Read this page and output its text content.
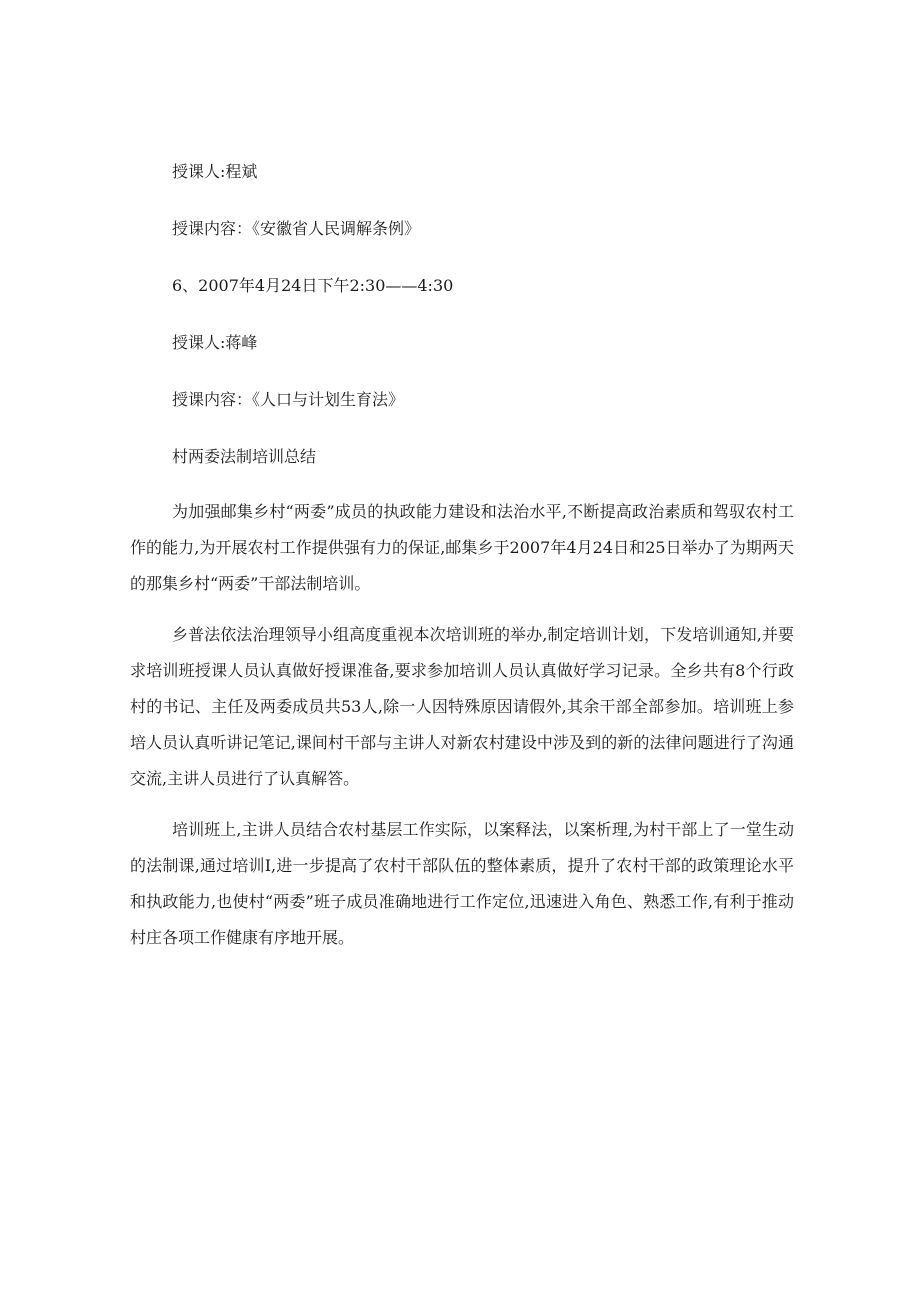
授课人:程斌
授课内容：《安徽省人民调解条例》
6、2007年4月24日下午2:30——4:30
授课人:蒋峰
授课内容：《人口与计划生育法》
村两委法制培训总结
为加强邮集乡村“两委”成员的执政能力建设和法治水平,不断提高政治素质和驾驭农村工作的能力,为开展农村工作提供强有力的保证,邮集乡于2007年4月24日和25日举办了为期两天的那集乡村“两委”干部法制培训。
乡普法依法治理领导小组高度重视本次培训班的举办,制定培训计划，下发培训通知,并要求培训班授课人员认真做好授课准备,要求参加培训人员认真做好学习记录。全乡共有8个行政村的书记、主任及两委成员共53人,除一人因特殊原因请假外,其余干部全部参加。培训班上参培人员认真听讲记笔记,课间村干部与主讲人对新农村建设中涉及到的新的法律问题进行了沟通交流,主讲人员进行了认真解答。
培训班上,主讲人员结合农村基层工作实际，以案释法，以案析理,为村干部上了一堂生动的法制课,通过培训I,进一步提高了农村干部队伍的整体素质，提升了农村干部的政策理论水平和执政能力,也使村“两委”班子成员准确地进行工作定位,迅速进入角色、熟悉工作,有利于推动村庄各项工作健康有序地开展。
